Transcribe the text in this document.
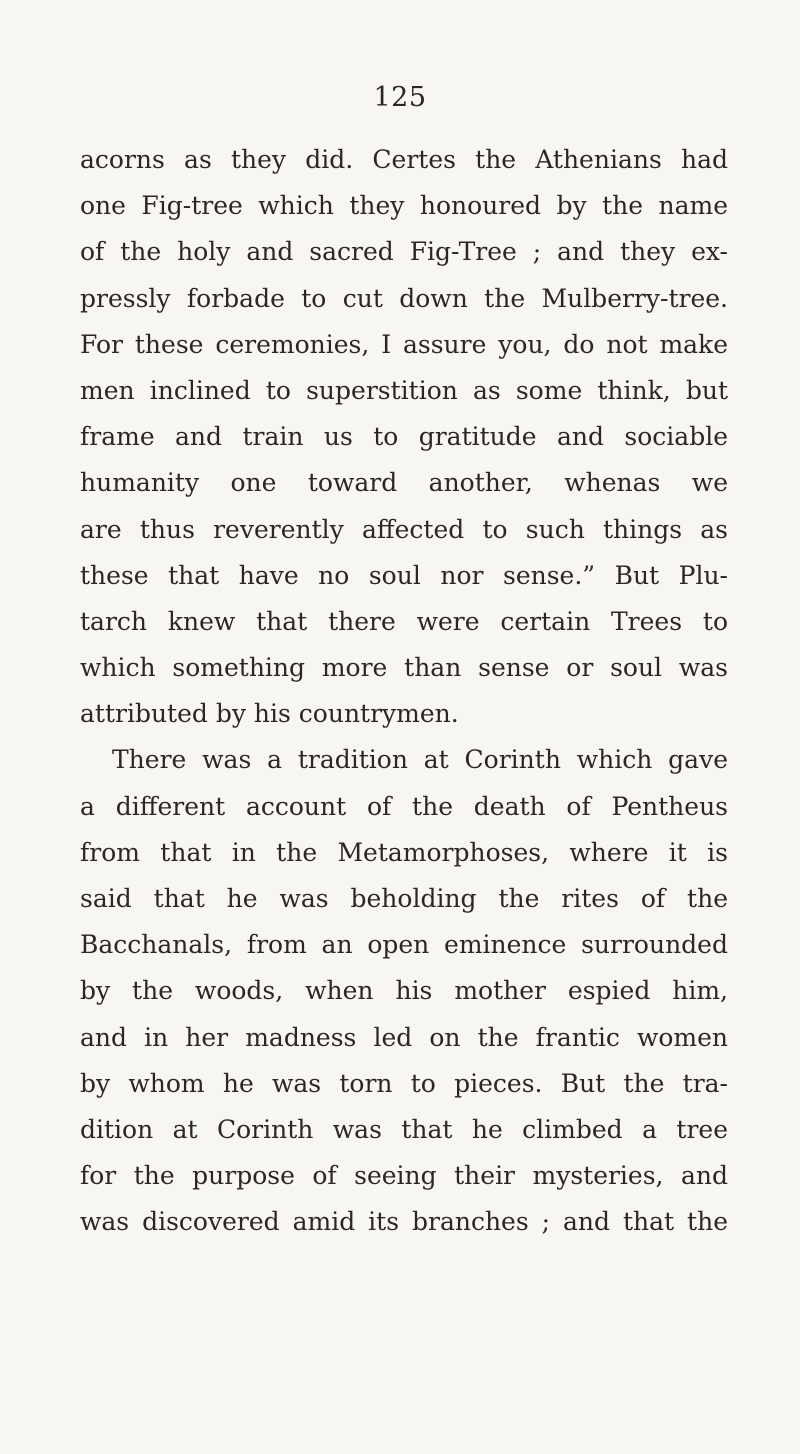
125
acorns as they did. Certes the Athenians had
one Fig-tree which they honoured by the name
of the holy and sacred Fig-Tree ; and they ex-
pressly forbade to cut down the Mulberry-tree.
For these ceremonies, I assure you, do not make
men inclined to superstition as some think, but
frame and train us to gratitude and sociable
humanity one toward another, whenas we
are thus reverently affected to such things as
these that have no soul nor sense.” But Plu-
tarch knew that there were certain Trees to
which something more than sense or soul was
attributed by his countrymen.
There was a tradition at Corinth which gave
a different account of the death of Pentheus
from that in the Metamorphoses, where it is
said that he was beholding the rites of the
Bacchanals, from an open eminence surrounded
by the woods, when his mother espied him,
and in her madness led on the frantic women
by whom he was torn to pieces. But the tra-
dition at Corinth was that he climbed a tree
for the purpose of seeing their mysteries, and
was discovered amid its branches ; and that the
